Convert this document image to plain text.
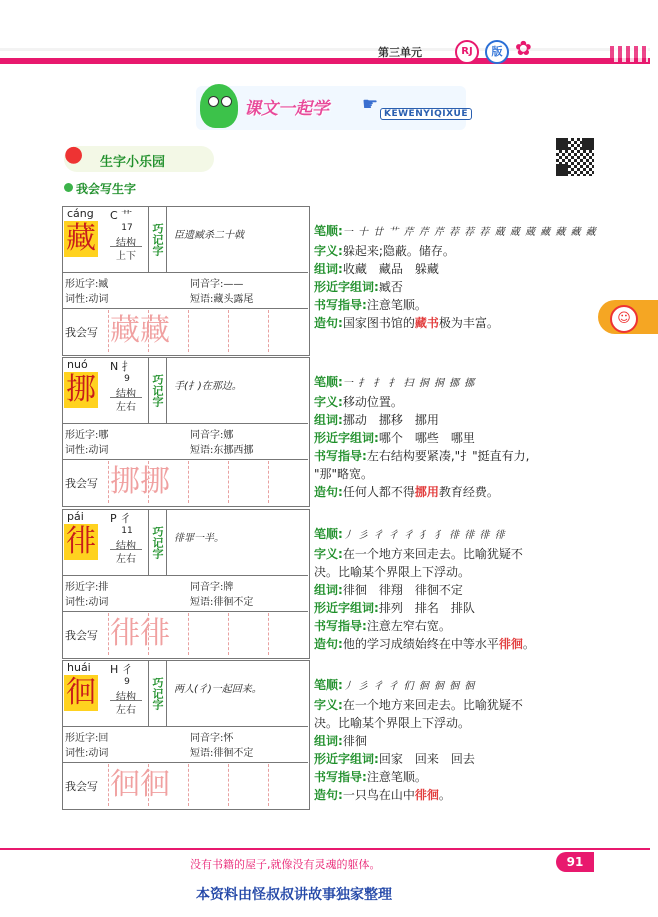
第三单元	RJ	版 ✿
课文一起学 ☛ KEWENYIQIXUE
● 生字小乐园
我会写生字
☺
cáng C 艹
藏	17
结构
上下
巧记字	臣遗臧杀二十戟
形近字:臧	同音字:——
词性:动词	短语:藏头露尾
我会写 藏藏
笔顺:一 十 廿 艹 芹 芹 芹 荐 荐 荐 蔵 蔵 蔵 藏 藏 藏 藏
字义:躲起来;隐蔽。储存。
组词:收藏　藏品　躲藏
形近字组词:臧否
书写指导:注意笔顺。
造句:国家图书馆的藏书极为丰富。
nuó N 扌
挪	9
结构
左右
巧记字	手(扌)在那边。
形近字:哪	同音字:娜
词性:动词	短语:东挪西挪
我会写 挪挪
笔顺:一 扌 扌 扌 扫 挏 挏 挪 挪
字义:移动位置。
组词:挪动　挪移　挪用
形近字组词:哪个　哪些　哪里
书写指导:左右结构要紧凑,"扌"挺直有力,
"那"略宽。
造句:任何人都不得挪用教育经费。
pái P 彳
徘	11
结构
左右
巧记字	徘罪一半。
形近字:排	同音字:牌
词性:动词	短语:徘徊不定
我会写 徘徘
笔顺:丿 彡 彳 彳 彳 犭 犭 徘 徘 徘 徘
字义:在一个地方来回走去。比喻犹疑不
决。比喻某个界限上下浮动。
组词:徘徊　徘翔　徘徊不定
形近字组词:排列　排名　排队
书写指导:注意左窄右宽。
造句:他的学习成绩始终在中等水平徘徊。
huái H 彳
徊	9
结构
左右
巧记字	两人(彳)一起回来。
形近字:回	同音字:怀
词性:动词	短语:徘徊不定
我会写 徊徊
笔顺:丿 彡 彳 彳 们 徊 徊 徊 徊
字义:在一个地方来回走去。比喻犹疑不
决。比喻某个界限上下浮动。
组词:徘徊
形近字组词:回家　回来　回去
书写指导:注意笔顺。
造句:一只鸟在山中徘徊。
没有书籍的屋子,就像没有灵魂的躯体。	91
本资料由怪叔叔讲故事独家整理
